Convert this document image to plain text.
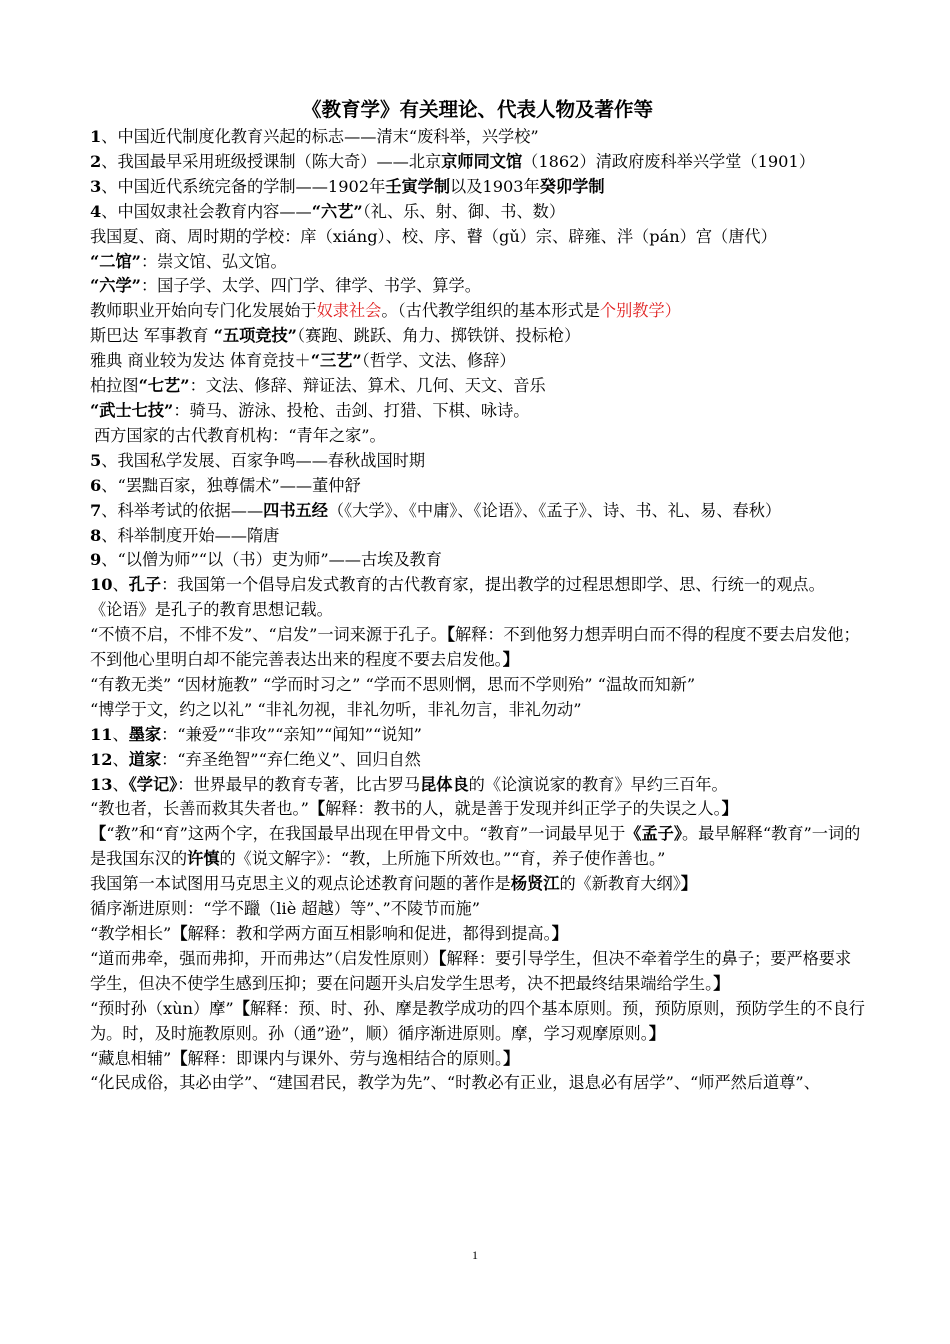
《教育学》有关理论、代表人物及著作等

1、中国近代制度化教育兴起的标志——清末“废科举，兴学校”

2、我国最早采用班级授课制（陈大奇）——北京京师同文馆（1862）清政府废科举兴学堂（1901）

3、中国近代系统完备的学制——1902年壬寅学制以及1903年癸卯学制

4、中国奴隶社会教育内容——“六艺”（礼、乐、射、御、书、数）

我国夏、商、周时期的学校：庠（xiáng）、校、序、瞽（gǔ）宗、辟雍、泮（pán）宫（唐代）

“二馆”：崇文馆、弘文馆。

“六学”：国子学、太学、四门学、律学、书学、算学。

教师职业开始向专门化发展始于奴隶社会。（古代教学组织的基本形式是个别教学）

斯巴达 军事教育 “五项竞技”（赛跑、跳跃、角力、掷铁饼、投标枪）

雅典 商业较为发达 体育竞技＋“三艺”（哲学、文法、修辞）

柏拉图“七艺”：文法、修辞、辩证法、算术、几何、天文、音乐

“武士七技”：骑马、游泳、投枪、击剑、打猎、下棋、咏诗。

西方国家的古代教育机构：“青年之家”。

5、我国私学发展、百家争鸣——春秋战国时期

6、“罢黜百家，独尊儒术”——董仲舒

7、科举考试的依据——四书五经（《大学》、《中庸》、《论语》、《孟子》、诗、书、礼、易、春秋）

8、科举制度开始——隋唐

9、“以僧为师”“以（书）吏为师”——古埃及教育

10、孔子：我国第一个倡导启发式教育的古代教育家，提出教学的过程思想即学、思、行统一的观点。

《论语》是孔子的教育思想记载。

“不愤不启，不悱不发”、“启发”一词来源于孔子。【解释：不到他努力想弄明白而不得的程度不要去启发他；不到他心里明白却不能完善表达出来的程度不要去启发他。】

“有教无类” “因材施教” “学而时习之” “学而不思则惘，思而不学则殆” “温故而知新”

“博学于文，约之以礼” “非礼勿视，非礼勿听，非礼勿言，非礼勿动”

11、墨家：“兼爱”“非攻”“亲知”“闻知”“说知”

12、道家：“弃圣绝智”“弃仁绝义”、回归自然

13、《学记》：世界最早的教育专著，比古罗马昆体良的《论演说家的教育》早约三百年。

“教也者，长善而救其失者也。”【解释：教书的人，就是善于发现并纠正学子的失误之人。】

【“教”和“育”这两个字，在我国最早出现在甲骨文中。“教育”一词最早见于《孟子》。最早解释“教育”一词的是我国东汉的许慎的《说文解字》：“教，上所施下所效也。”“育，养子使作善也。”

我国第一本试图用马克思主义的观点论述教育问题的著作是杨贤江的《新教育大纲》】

循序渐进原则：“学不躐（liè 超越）等”、”不陵节而施”

“教学相长”【解释：教和学两方面互相影响和促进，都得到提高。】

“道而弗牵，强而弗抑，开而弗达”（启发性原则）【解释：要引导学生，但决不牵着学生的鼻子；要严格要求学生，但决不使学生感到压抑；要在问题开头启发学生思考，决不把最终结果端给学生。】

“预时孙（xùn）摩”【解释：预、时、孙、摩是教学成功的四个基本原则。预，预防原则，预防学生的不良行为。时，及时施教原则。孙（通”逊”，顺）循序渐进原则。摩，学习观摩原则。】

“藏息相辅”【解释：即课内与课外、劳与逸相结合的原则。】

“化民成俗，其必由学”、“建国君民，教学为先”、“时教必有正业，退息必有居学”、“师严然后道尊”、

1
